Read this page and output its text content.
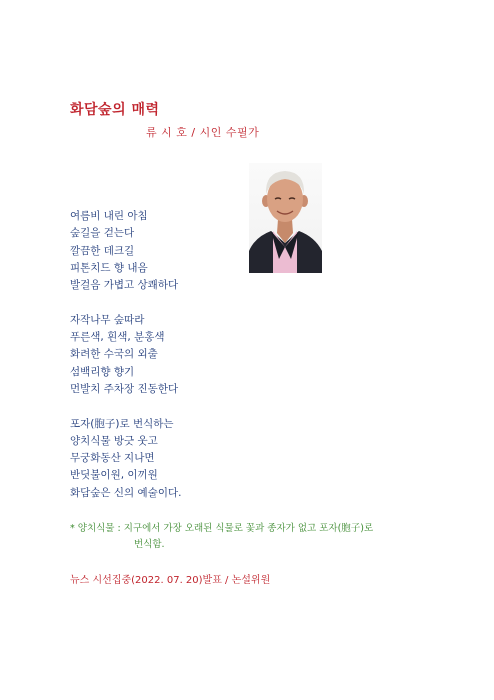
화담숲의 매력
류 시 호 / 시인 수필가
여름비 내린 아침
숲길을 걷는다
깔끔한 데크길
피톤치드 향 내음
발걸음 가볍고 상쾌하다
자작나무 숲따라
푸른색, 흰색, 분홍색
화려한 수국의 외출
섬백리향 향기
먼발치 주차장 진동한다
포자(胞子)로 번식하는
양치식물 방긋 웃고
무궁화동산 지나면
반딧불이원, 이끼원
화담숲은 신의 예술이다.
* 양치식물 : 지구에서 가장 오래된 식물로 꽃과 종자가 없고 포자(胞子)로
번식함.
뉴스 시선집중(2022. 07. 20)발표 / 논설위원
